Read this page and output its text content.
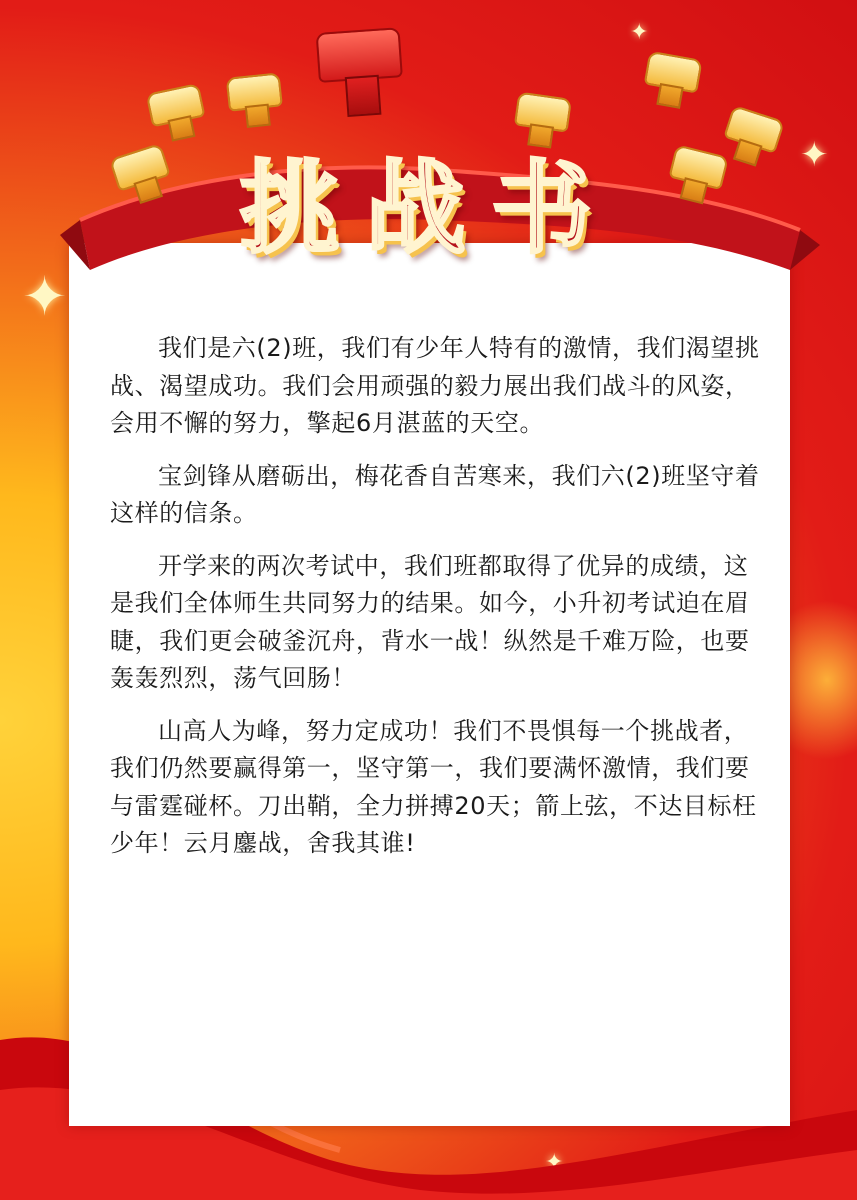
✦
✦
✦
✦
挑战书

我们是六(2)班，我们有少年人特有的激情，我们渴望挑战、渴望成功。我们会用顽强的毅力展出我们战斗的风姿，会用不懈的努力，擎起6月湛蓝的天空。

宝剑锋从磨砺出，梅花香自苦寒来，我们六(2)班坚守着这样的信条。

开学来的两次考试中，我们班都取得了优异的成绩，这是我们全体师生共同努力的结果。如今，小升初考试迫在眉睫，我们更会破釜沉舟，背水一战！纵然是千难万险，也要轰轰烈烈，荡气回肠！

山高人为峰，努力定成功！我们不畏惧每一个挑战者，我们仍然要赢得第一，坚守第一，我们要满怀激情，我们要与雷霆碰杯。刀出鞘，全力拼搏20天；箭上弦，不达目标枉少年！云月鏖战，舍我其谁!
